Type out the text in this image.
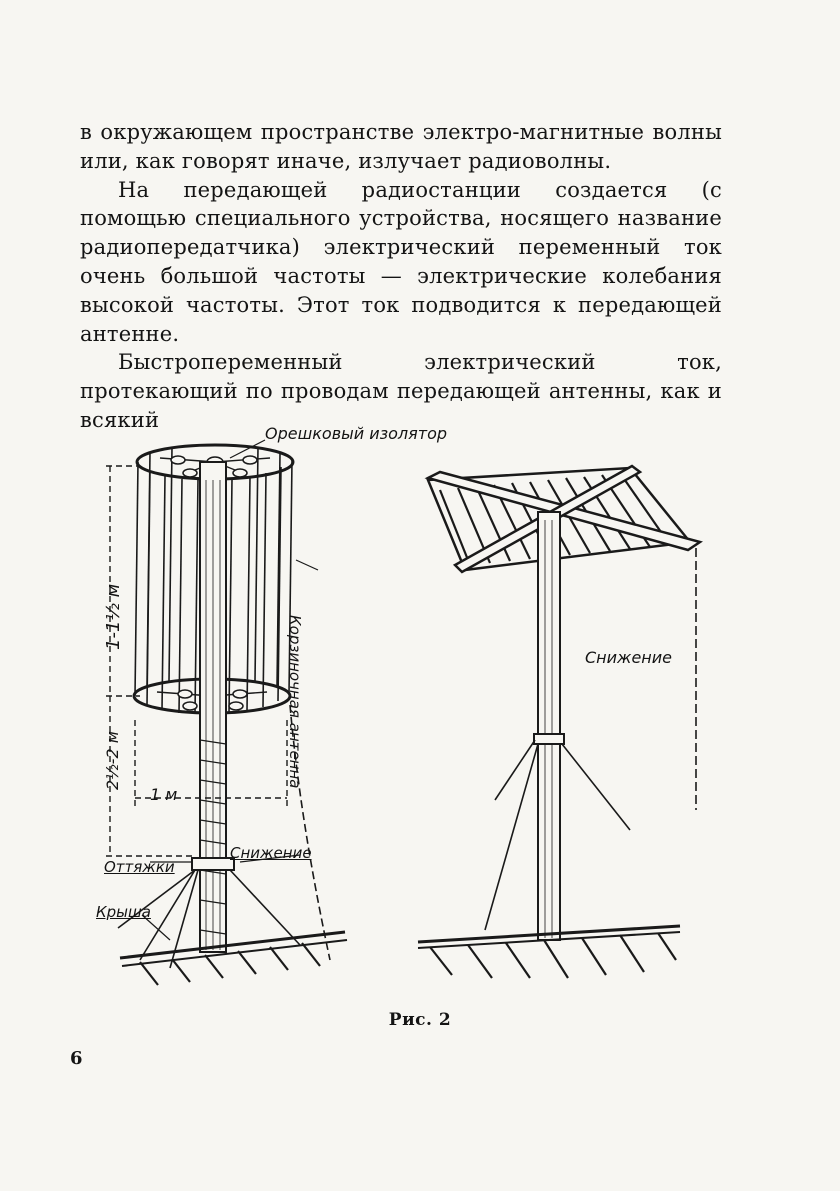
в окружающем пространстве электро-магнитные волны или, как говорят иначе, излучает радиоволны.

На передающей радиостанции создается (с помощью специального устройства, носящего название радиопередатчика) электрический переменный ток очень большой частоты — электрические колебания высокой частоты. Этот ток подводится к передающей антенне.

Быстропеременный электрический ток, протекающий по проводам передающей антенны, как и всякий

Орешковый изолятор
Корзиночная антенна
1-1½ м
2½-2 м
1 м
Снижение
Оттяжки
Крыша
Снижение
Рис. 2
6
